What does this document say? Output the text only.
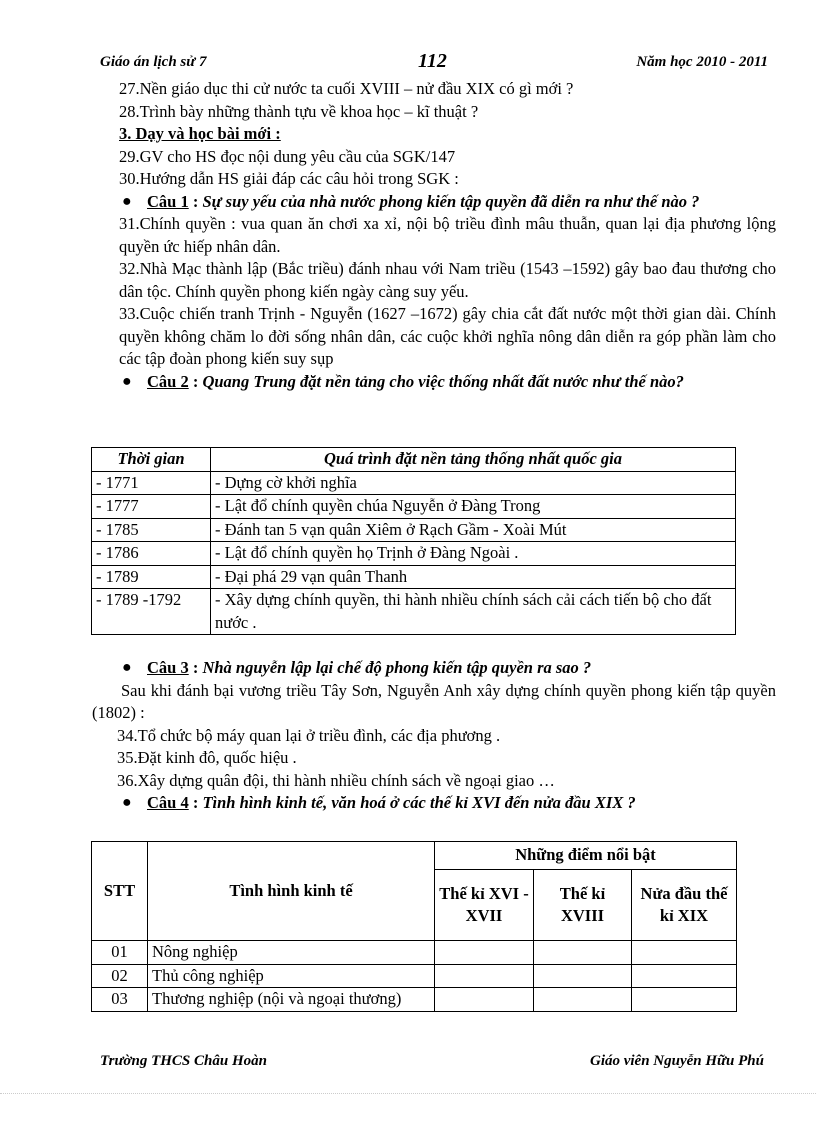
Giáo án lịch sử 7	112	Năm học 2010 - 2011
27.Nền giáo dục thi cử nước ta cuối XVIII – nử đầu XIX có gì mới ?
28.Trình bày những thành tựu về khoa học – kĩ thuật ?
3. Dạy và học bài mới :
29.GV cho HS đọc nội dung yêu cầu của SGK/147
30.Hướng dẫn HS giải đáp các câu hỏi trong SGK :
● Câu 1 : Sự suy yếu của nhà nước phong kiến tập quyền đã diễn ra như thế nào ?
31.Chính quyền : vua quan ăn chơi xa xỉ, nội bộ triều đình mâu thuẫn, quan lại địa phương lộng quyền ức hiếp nhân dân.
32.Nhà Mạc thành lập (Bắc triều) đánh nhau với Nam triều (1543 –1592) gây bao đau thương cho dân tộc. Chính quyền phong kiến ngày càng suy yếu.
33.Cuộc chiến tranh Trịnh - Nguyễn (1627 –1672) gây chia cắt đất nước một thời gian dài. Chính quyền không chăm lo đời sống nhân dân, các cuộc khởi nghĩa nông dân diễn ra góp phần làm cho các tập đoàn phong kiến suy sụp
● Câu 2 : Quang Trung đặt nền tảng cho việc thống nhất đất nước như thế nào?
Thời gian	Quá trình đặt nền tảng thống nhất quốc gia
- 1771	- Dựng cờ khởi nghĩa
- 1777	- Lật đổ chính quyền chúa Nguyễn ở Đàng Trong
- 1785	- Đánh tan 5 vạn quân Xiêm ở Rạch Gầm - Xoài Mút
- 1786	- Lật đổ chính quyền họ Trịnh ở Đàng Ngoài .
- 1789	- Đại phá 29 vạn quân Thanh
- 1789 -1792	- Xây dựng chính quyền, thi hành nhiều chính sách cải cách tiến bộ cho đất nước .
● Câu 3 : Nhà nguyễn lập lại chế độ phong kiến tập quyền ra sao ?
Sau khi đánh bại vương triều Tây Sơn, Nguyễn Anh xây dựng chính quyền phong kiến tập quyền (1802) :
34.Tổ chức bộ máy quan lại ở triều đình, các địa phương .
35.Đặt kinh đô, quốc hiệu .
36.Xây dựng quân đội, thi hành nhiều chính sách về ngoại giao …
● Câu 4 : Tình hình kinh tế, văn hoá ở các thế kỉ XVI đến nửa đầu XIX ?
STT	Tình hình kinh tế	Những điểm nổi bật		
		Thế kỉ XVI - XVII	Thế kỉ XVIII	Nửa đầu thế kỉ XIX
01	Nông nghiệp			
02	Thủ công nghiệp			
03	Thương nghiệp (nội và ngoại thương)			
Trường THCS Châu Hoàn	Giáo viên Nguyễn Hữu Phú
